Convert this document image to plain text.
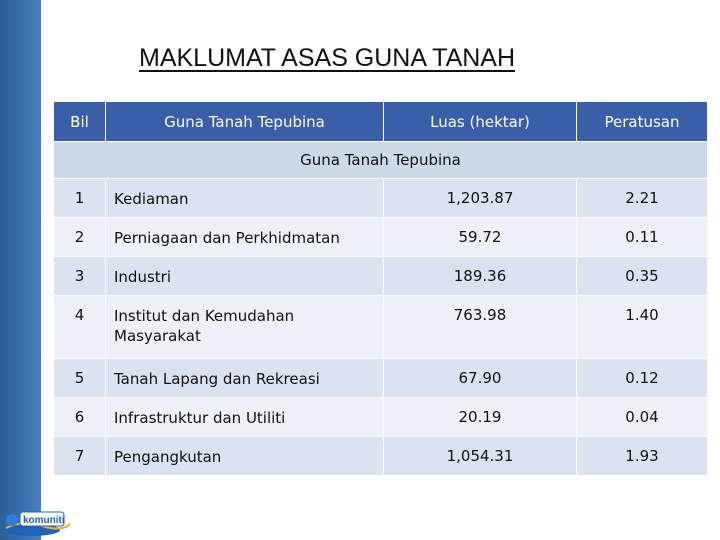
MAKLUMAT ASAS GUNA TANAH
Bil	Guna Tanah Tepubina	Luas (hektar)	Peratusan
Guna Tanah Tepubina			
1	Kediaman	1,203.87	2.21
2	Perniagaan dan Perkhidmatan	59.72	0.11
3	Industri	189.36	0.35
4	Institut dan Kemudahan Masyarakat	763.98	1.40
5	Tanah Lapang dan Rekreasi	67.90	0.12
6	Infrastruktur dan Utiliti	20.19	0.04
7	Pengangkutan	1,054.31	1.93
komuniti
